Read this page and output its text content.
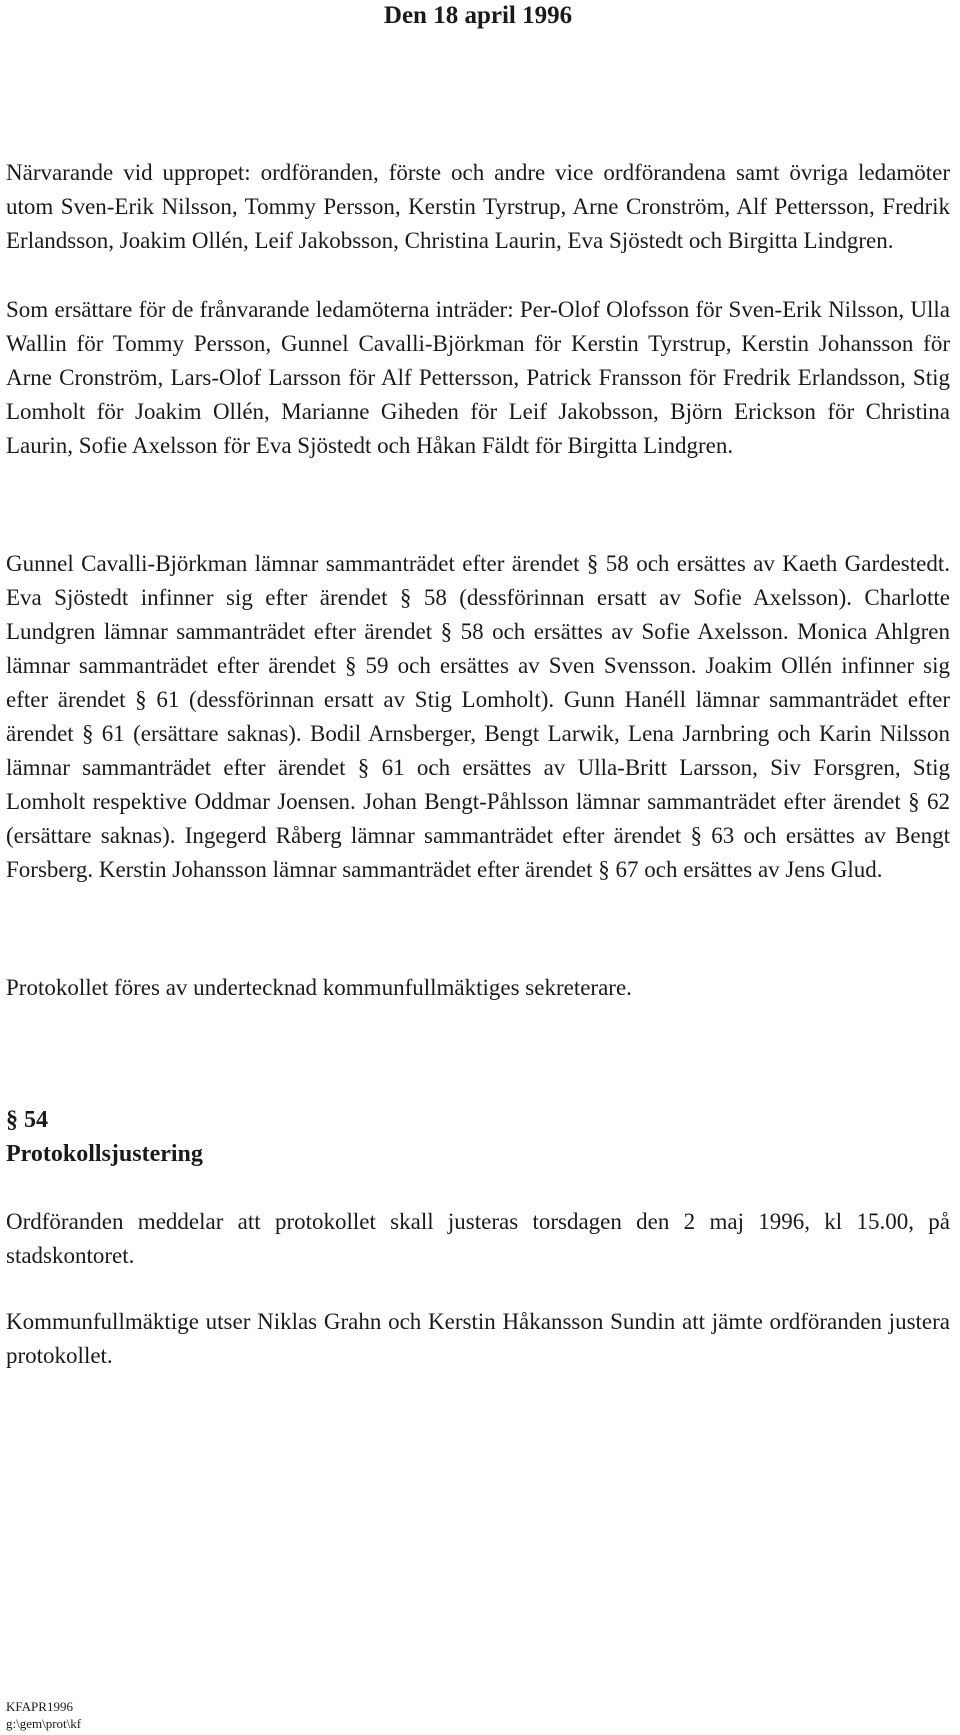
Den 18 april 1996

Närvarande vid uppropet: ordföranden, förste och andre vice ordförandena samt övriga ledamöter utom Sven-Erik Nilsson, Tommy Persson, Kerstin Tyrstrup, Arne Cronström, Alf Pettersson, Fredrik Erlandsson, Joakim Ollén, Leif Jakobsson, Christina Laurin, Eva Sjöstedt och Birgitta Lindgren.

Som ersättare för de frånvarande ledamöterna inträder: Per-Olof Olofsson för Sven-Erik Nilsson, Ulla Wallin för Tommy Persson, Gunnel Cavalli-Björkman för Kerstin Tyrstrup, Kerstin Johansson för Arne Cronström, Lars-Olof Larsson för Alf Pettersson, Patrick Fransson för Fredrik Erlandsson, Stig Lomholt för Joakim Ollén, Marianne Giheden för Leif Jakobsson, Björn Erickson för Christina Laurin, Sofie Axelsson för Eva Sjöstedt och Håkan Fäldt för Birgitta Lindgren.

Gunnel Cavalli-Björkman lämnar sammanträdet efter ärendet § 58 och ersättes av Kaeth Gardestedt. Eva Sjöstedt infinner sig efter ärendet § 58 (dessförinnan ersatt av Sofie Axelsson). Charlotte Lundgren lämnar sammanträdet efter ärendet § 58 och ersättes av Sofie Axelsson. Monica Ahlgren lämnar sammanträdet efter ärendet § 59 och ersättes av Sven Svensson. Joakim Ollén infinner sig efter ärendet § 61 (dessförinnan ersatt av Stig Lomholt). Gunn Hanéll lämnar sammanträdet efter ärendet § 61 (ersättare saknas). Bodil Arnsberger, Bengt Larwik, Lena Jarnbring och Karin Nilsson lämnar sammanträdet efter ärendet § 61 och ersättes av Ulla-Britt Larsson, Siv Forsgren, Stig Lomholt respektive Oddmar Joensen. Johan Bengt-Påhlsson lämnar sammanträdet efter ärendet § 62 (ersättare saknas). Ingegerd Råberg lämnar sammanträdet efter ärendet § 63 och ersättes av Bengt Forsberg. Kerstin Johansson lämnar sammanträdet efter ärendet § 67 och ersättes av Jens Glud.

Protokollet föres av undertecknad kommunfullmäktiges sekreterare.

§ 54
Protokollsjustering

Ordföranden meddelar att protokollet skall justeras torsdagen den 2 maj 1996, kl 15.00, på stadskontoret.

Kommunfullmäktige utser Niklas Grahn och Kerstin Håkansson Sundin att jämte ordföranden justera protokollet.

KFAPR1996
g:\gem\prot\kf
